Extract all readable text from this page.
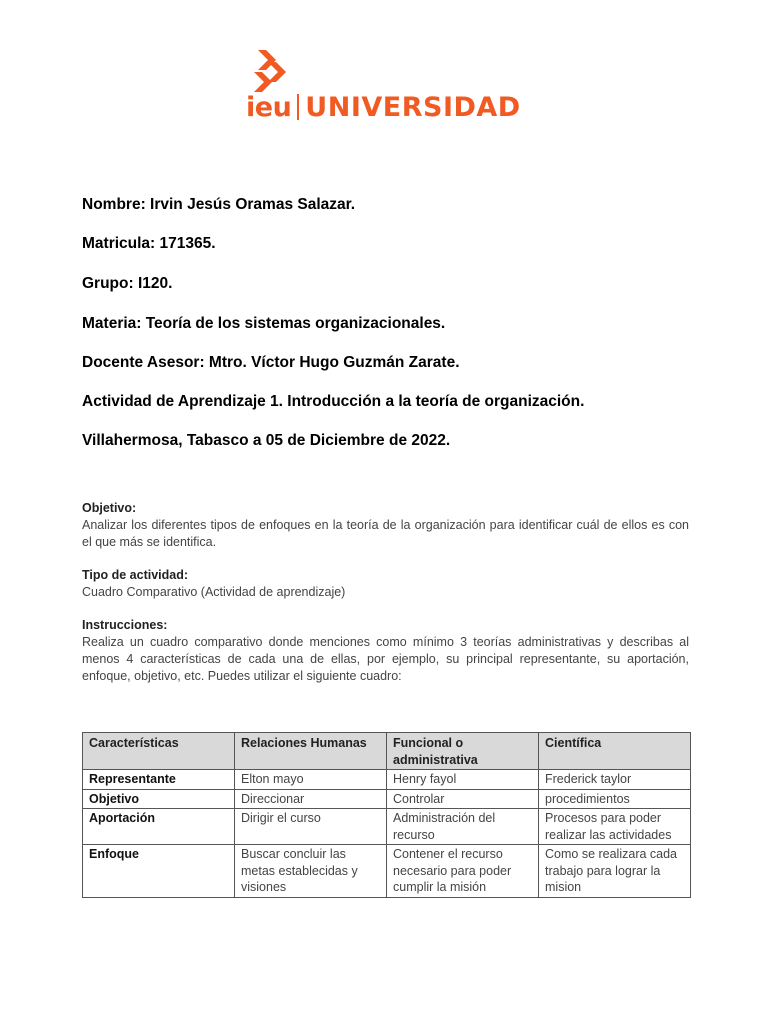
ieu UNIVERSIDAD
Nombre: Irvin Jesús Oramas Salazar.
Matricula: 171365.
Grupo: I120.
Materia: Teoría de los sistemas organizacionales.
Docente Asesor: Mtro. Víctor Hugo Guzmán Zarate.
Actividad de Aprendizaje 1. Introducción a la teoría de organización.
Villahermosa, Tabasco a 05 de Diciembre de 2022.
Objetivo:
Analizar los diferentes tipos de enfoques en la teoría de la organización para identificar cuál de ellos es con el que más se identifica.
Tipo de actividad:
Cuadro Comparativo (Actividad de aprendizaje)
Instrucciones:
Realiza un cuadro comparativo donde menciones como mínimo 3 teorías administrativas y describas al menos 4 características de cada una de ellas, por ejemplo, su principal representante, su aportación, enfoque, objetivo, etc. Puedes utilizar el siguiente cuadro:
Características	Relaciones Humanas	Funcional o administrativa	Científica
Representante	Elton mayo	Henry fayol	Frederick taylor
Objetivo	Direccionar	Controlar	procedimientos
Aportación	Dirigir el curso	Administración del recurso	Procesos para poder realizar las actividades
Enfoque	Buscar concluir las metas establecidas y visiones	Contener el recurso necesario para poder cumplir la misión	Como se realizara cada trabajo para lograr la mision
